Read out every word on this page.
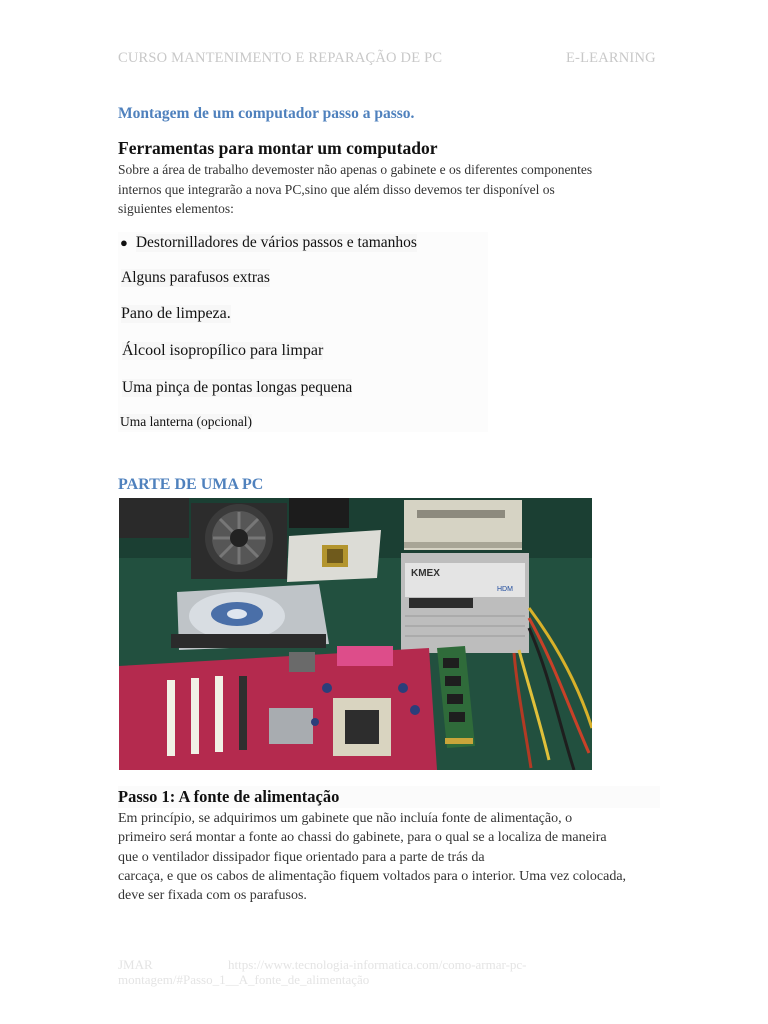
CURSO MANTENIMENTO E REPARAÇÃO DE PC	E-LEARNING
Montagem de um computador passo a passo.
Ferramentas para montar um computador
Sobre a área de trabalho devemoster não apenas o gabinete e os diferentes componentes
internos que integrarão a nova PC,sino que além disso devemos ter disponível os
siguientes elementos:
● Destornilladores de vários passos e tamanhos
Alguns parafusos extras
Pano de limpeza.
Álcool isopropílico para limpar
Uma pinça de pontas longas pequena
Uma lanterna (opcional)
PARTE DE UMA PC
KMEX
HDM
Passo 1: A fonte de alimentação
Em princípio, se adquirimos um gabinete que não incluía fonte de alimentação, o
primeiro será montar a fonte ao chassi do gabinete, para o qual se a localiza de maneira
que o ventilador dissipador fique orientado para a parte de trás da
carcaça, e que os cabos de alimentação fiquem voltados para o interior. Uma vez colocada,
deve ser fixada com os parafusos.
JMAR	https://www.tecnologia-informatica.com/como-armar-pc-
montagem/#Passo_1__A_fonte_de_alimentação
